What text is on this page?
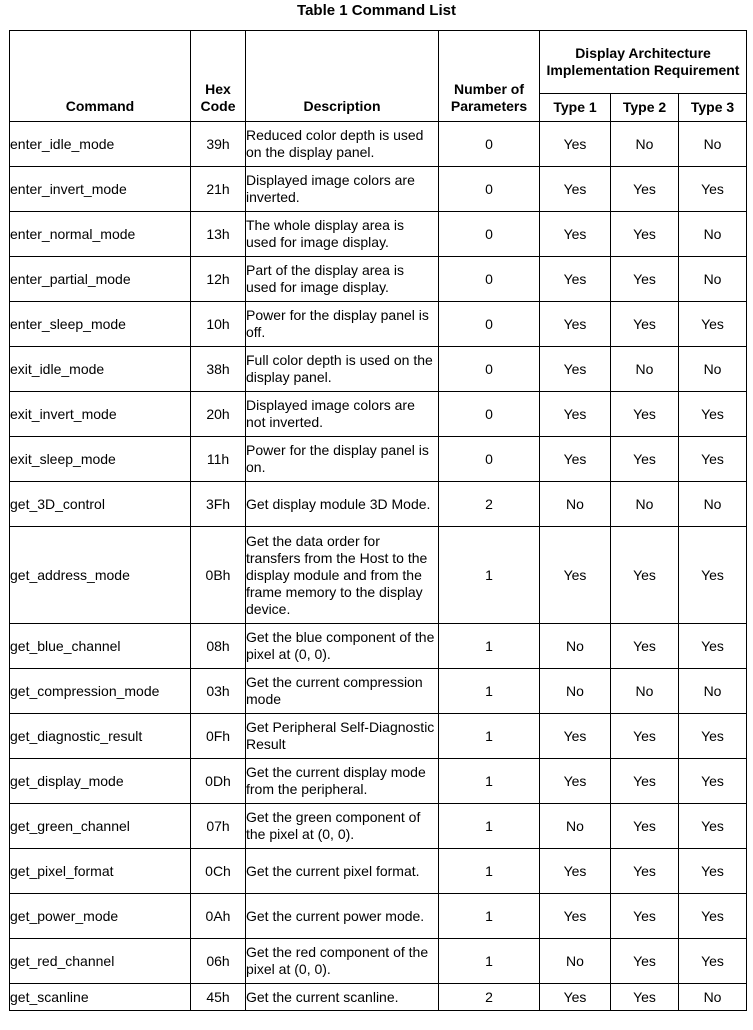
Table 1 Command List
Command	Hex Code	Description	Number of Parameters	Display Architecture Implementation Requirement		
				Type 1	Type 2	Type 3
enter_idle_mode	39h	Reduced color depth is used on the display panel.	0	Yes	No	No
enter_invert_mode	21h	Displayed image colors are inverted.	0	Yes	Yes	Yes
enter_normal_mode	13h	The whole display area is used for image display.	0	Yes	Yes	No
enter_partial_mode	12h	Part of the display area is used for image display.	0	Yes	Yes	No
enter_sleep_mode	10h	Power for the display panel is off.	0	Yes	Yes	Yes
exit_idle_mode	38h	Full color depth is used on the display panel.	0	Yes	No	No
exit_invert_mode	20h	Displayed image colors are not inverted.	0	Yes	Yes	Yes
exit_sleep_mode	11h	Power for the display panel is on.	0	Yes	Yes	Yes
get_3D_control	3Fh	Get display module 3D Mode.	2	No	No	No
get_address_mode	0Bh	Get the data order for transfers from the Host to the display module and from the frame memory to the display device.	1	Yes	Yes	Yes
get_blue_channel	08h	Get the blue component of the pixel at (0, 0).	1	No	Yes	Yes
get_compression_mode	03h	Get the current compression mode	1	No	No	No
get_diagnostic_result	0Fh	Get Peripheral Self-Diagnostic Result	1	Yes	Yes	Yes
get_display_mode	0Dh	Get the current display mode from the peripheral.	1	Yes	Yes	Yes
get_green_channel	07h	Get the green component of the pixel at (0, 0).	1	No	Yes	Yes
get_pixel_format	0Ch	Get the current pixel format.	1	Yes	Yes	Yes
get_power_mode	0Ah	Get the current power mode.	1	Yes	Yes	Yes
get_red_channel	06h	Get the red component of the pixel at (0, 0).	1	No	Yes	Yes
get_scanline	45h	Get the current scanline.	2	Yes	Yes	No
